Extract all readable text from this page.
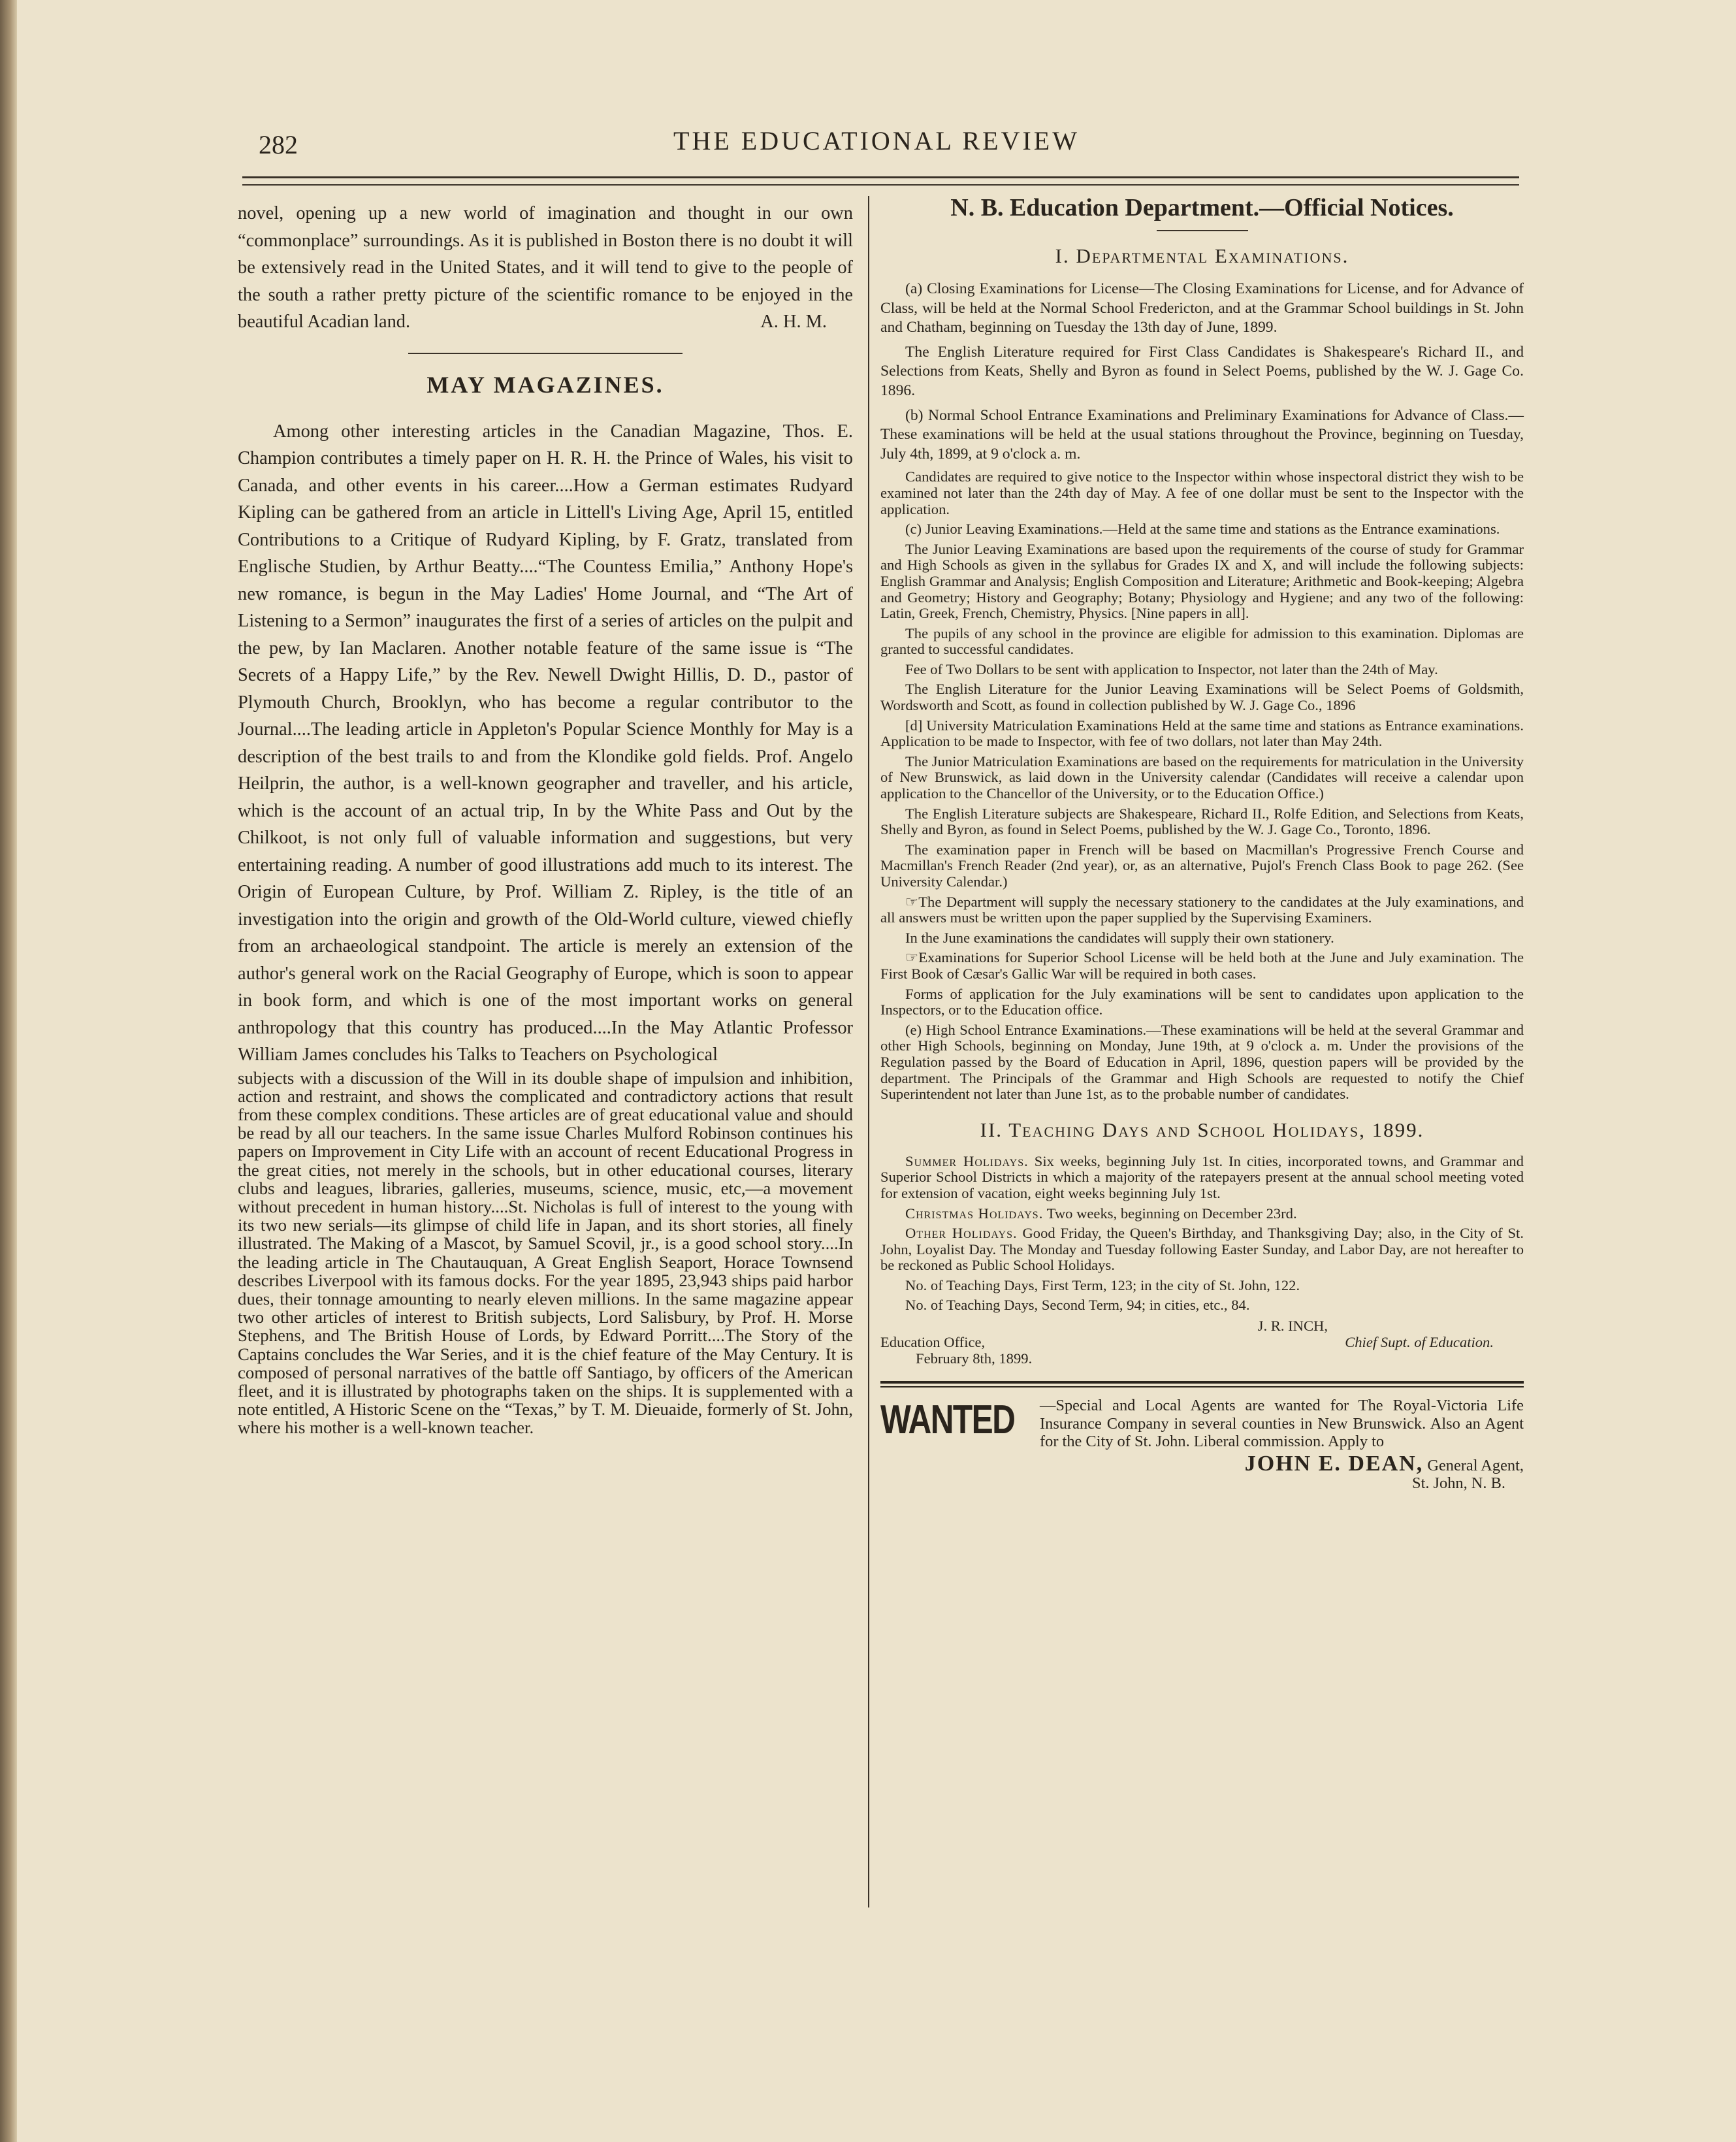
282	THE EDUCATIONAL REVIEW

novel, opening up a new world of imagination and thought in our own “commonplace” surroundings. As it is published in Boston there is no doubt it will be extensively read in the United States, and it will tend to give to the people of the south a rather pretty picture of the scientific romance to be enjoyed in the beautiful Acadian land.	A. H. M.
MAY MAGAZINES.

Among other interesting articles in the Canadian Magazine, Thos. E. Champion contributes a timely paper on H. R. H. the Prince of Wales, his visit to Canada, and other events in his career....How a German estimates Rudyard Kipling can be gathered from an article in Littell's Living Age, April 15, entitled Contributions to a Critique of Rudyard Kipling, by F. Gratz, translated from Englische Studien, by Arthur Beatty....“The Countess Emilia,” Anthony Hope's new romance, is begun in the May Ladies' Home Journal, and “The Art of Listening to a Sermon” inaugurates the first of a series of articles on the pulpit and the pew, by Ian Maclaren. Another notable feature of the same issue is “The Secrets of a Happy Life,” by the Rev. Newell Dwight Hillis, D. D., pastor of Plymouth Church, Brooklyn, who has become a regular contributor to the Journal....The leading article in Appleton's Popular Science Monthly for May is a description of the best trails to and from the Klondike gold fields. Prof. Angelo Heilprin, the author, is a well-known geographer and traveller, and his article, which is the account of an actual trip, In by the White Pass and Out by the Chilkoot, is not only full of valuable information and suggestions, but very entertaining reading. A number of good illustrations add much to its interest. The Origin of European Culture, by Prof. William Z. Ripley, is the title of an investigation into the origin and growth of the Old-World culture, viewed chiefly from an archaeological standpoint. The article is merely an extension of the author's general work on the Racial Geography of Europe, which is soon to appear in book form, and which is one of the most important works on general anthropology that this country has produced....In the May Atlantic Professor William James concludes his Talks to Teachers on Psychological

subjects with a discussion of the Will in its double shape of impulsion and inhibition, action and restraint, and shows the complicated and contradictory actions that result from these complex conditions. These articles are of great educational value and should be read by all our teachers. In the same issue Charles Mulford Robinson continues his papers on Improvement in City Life with an account of recent Educational Progress in the great cities, not merely in the schools, but in other educational courses, literary clubs and leagues, libraries, galleries, museums, science, music, etc,—a movement without precedent in human history....St. Nicholas is full of interest to the young with its two new serials—its glimpse of child life in Japan, and its short stories, all finely illustrated. The Making of a Mascot, by Samuel Scovil, jr., is a good school story....In the leading article in The Chautauquan, A Great English Seaport, Horace Townsend describes Liverpool with its famous docks. For the year 1895, 23,943 ships paid harbor dues, their tonnage amounting to nearly eleven millions. In the same magazine appear two other articles of interest to British subjects, Lord Salisbury, by Prof. H. Morse Stephens, and The British House of Lords, by Edward Porritt....The Story of the Captains concludes the War Series, and it is the chief feature of the May Century. It is composed of personal narratives of the battle off Santiago, by officers of the American fleet, and it is illustrated by photographs taken on the ships. It is supplemented with a note entitled, A Historic Scene on the “Texas,” by T. M. Dieuaide, formerly of St. John, where his mother is a well-known teacher.

N. B. Education Department.—Official Notices.
I. Departmental Examinations.

(a) Closing Examinations for License—The Closing Examinations for License, and for Advance of Class, will be held at the Normal School Fredericton, and at the Grammar School buildings in St. John and Chatham, beginning on Tuesday the 13th day of June, 1899.

The English Literature required for First Class Candidates is Shakespeare's Richard II., and Selections from Keats, Shelly and Byron as found in Select Poems, published by the W. J. Gage Co. 1896.

(b) Normal School Entrance Examinations and Preliminary Examinations for Advance of Class.—These examinations will be held at the usual stations throughout the Province, beginning on Tuesday, July 4th, 1899, at 9 o'clock a. m.

Candidates are required to give notice to the Inspector within whose inspectoral district they wish to be examined not later than the 24th day of May. A fee of one dollar must be sent to the Inspector with the application.

(c) Junior Leaving Examinations.—Held at the same time and stations as the Entrance examinations.

The Junior Leaving Examinations are based upon the requirements of the course of study for Grammar and High Schools as given in the syllabus for Grades IX and X, and will include the following subjects: English Grammar and Analysis; English Composition and Literature; Arithmetic and Book-keeping; Algebra and Geometry; History and Geography; Botany; Physiology and Hygiene; and any two of the following: Latin, Greek, French, Chemistry, Physics. [Nine papers in all].

The pupils of any school in the province are eligible for admission to this examination. Diplomas are granted to successful candidates.

Fee of Two Dollars to be sent with application to Inspector, not later than the 24th of May.

The English Literature for the Junior Leaving Examinations will be Select Poems of Goldsmith, Wordsworth and Scott, as found in collection published by W. J. Gage Co., 1896

[d] University Matriculation Examinations Held at the same time and stations as Entrance examinations. Application to be made to Inspector, with fee of two dollars, not later than May 24th.

The Junior Matriculation Examinations are based on the requirements for matriculation in the University of New Brunswick, as laid down in the University calendar (Candidates will receive a calendar upon application to the Chancellor of the University, or to the Education Office.)

The English Literature subjects are Shakespeare, Richard II., Rolfe Edition, and Selections from Keats, Shelly and Byron, as found in Select Poems, published by the W. J. Gage Co., Toronto, 1896.

The examination paper in French will be based on Macmillan's Progressive French Course and Macmillan's French Reader (2nd year), or, as an alternative, Pujol's French Class Book to page 262. (See University Calendar.)

☞The Department will supply the necessary stationery to the candidates at the July examinations, and all answers must be written upon the paper supplied by the Supervising Examiners.

In the June examinations the candidates will supply their own stationery.

☞Examinations for Superior School License will be held both at the June and July examination. The First Book of Cæsar's Gallic War will be required in both cases.

Forms of application for the July examinations will be sent to candidates upon application to the Inspectors, or to the Education office.

(e) High School Entrance Examinations.—These examinations will be held at the several Grammar and other High Schools, beginning on Monday, June 19th, at 9 o'clock a. m. Under the provisions of the Regulation passed by the Board of Education in April, 1896, question papers will be provided by the department. The Principals of the Grammar and High Schools are requested to notify the Chief Superintendent not later than June 1st, as to the probable number of candidates.

II. Teaching Days and School Holidays, 1899.

Summer Holidays. Six weeks, beginning July 1st. In cities, incorporated towns, and Grammar and Superior School Districts in which a majority of the ratepayers present at the annual school meeting voted for extension of vacation, eight weeks beginning July 1st.

Christmas Holidays. Two weeks, beginning on December 23rd.

Other Holidays. Good Friday, the Queen's Birthday, and Thanksgiving Day; also, in the City of St. John, Loyalist Day. The Monday and Tuesday following Easter Sunday, and Labor Day, are not hereafter to be reckoned as Public School Holidays.

No. of Teaching Days, First Term, 123; in the city of St. John, 122.

No. of Teaching Days, Second Term, 94; in cities, etc., 84.

J. R. INCH,
Education Office,	Chief Supt. of Education.
February 8th, 1899.
WANTED —Special and Local Agents are wanted for The Royal-Victoria Life Insurance Company in several counties in New Brunswick. Also an Agent for the City of St. John. Liberal commission. Apply to
JOHN E. DEAN, General Agent,
St. John, N. B.
